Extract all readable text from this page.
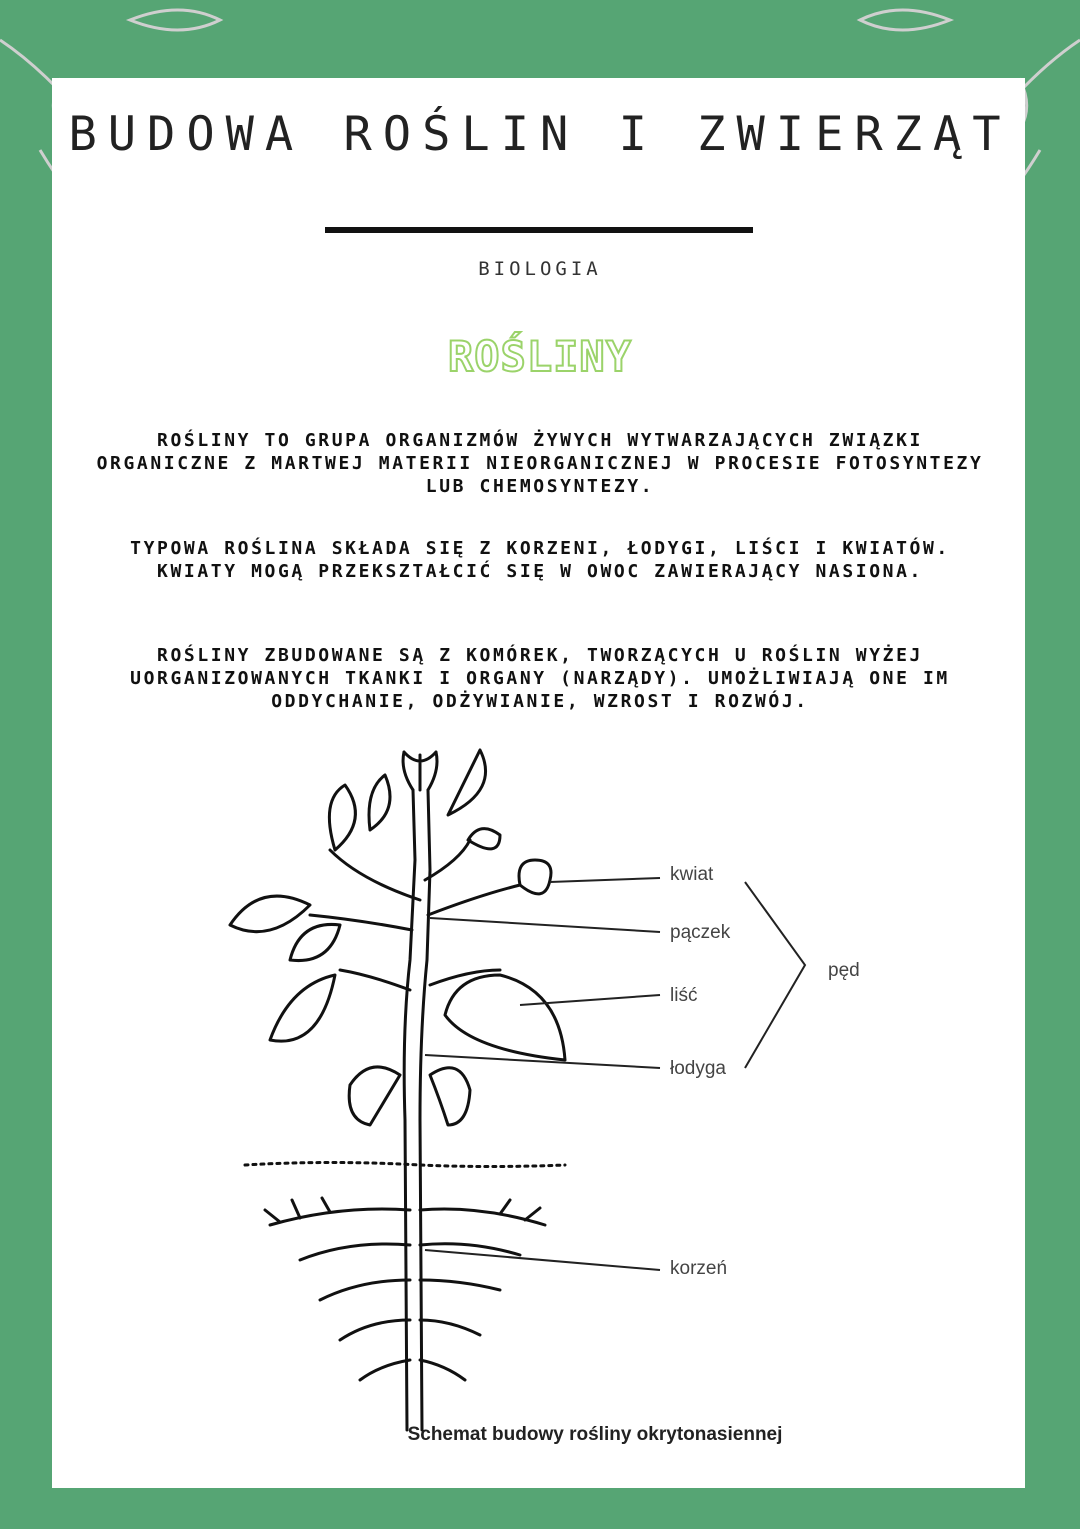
BUDOWA ROŚLIN I ZWIERZĄT
BIOLOGIA
ROŚLINY

ROŚLINY TO GRUPA ORGANIZMÓW ŻYWYCH WYTWARZAJĄCYCH ZWIĄZKI ORGANICZNE Z MARTWEJ MATERII NIEORGANICZNEJ W PROCESIE FOTOSYNTEZY LUB CHEMOSYNTEZY.

TYPOWA ROŚLINA SKŁADA SIĘ Z KORZENI, ŁODYGI, LIŚCI I KWIATÓW. KWIATY MOGĄ PRZEKSZTAŁCIĆ SIĘ W OWOC ZAWIERAJĄCY NASIONA.

ROŚLINY ZBUDOWANE SĄ Z KOMÓREK, TWORZĄCYCH U ROŚLIN WYŻEJ UORGANIZOWANYCH TKANKI I ORGANY (NARZĄDY). UMOŻLIWIAJĄ ONE IM ODDYCHANIE, ODŻYWIANIE, WZROST I ROZWÓJ.

kwiat
pączek
liść
łodyga
pęd
korzeń
Schemat budowy rośliny okrytonasiennej
